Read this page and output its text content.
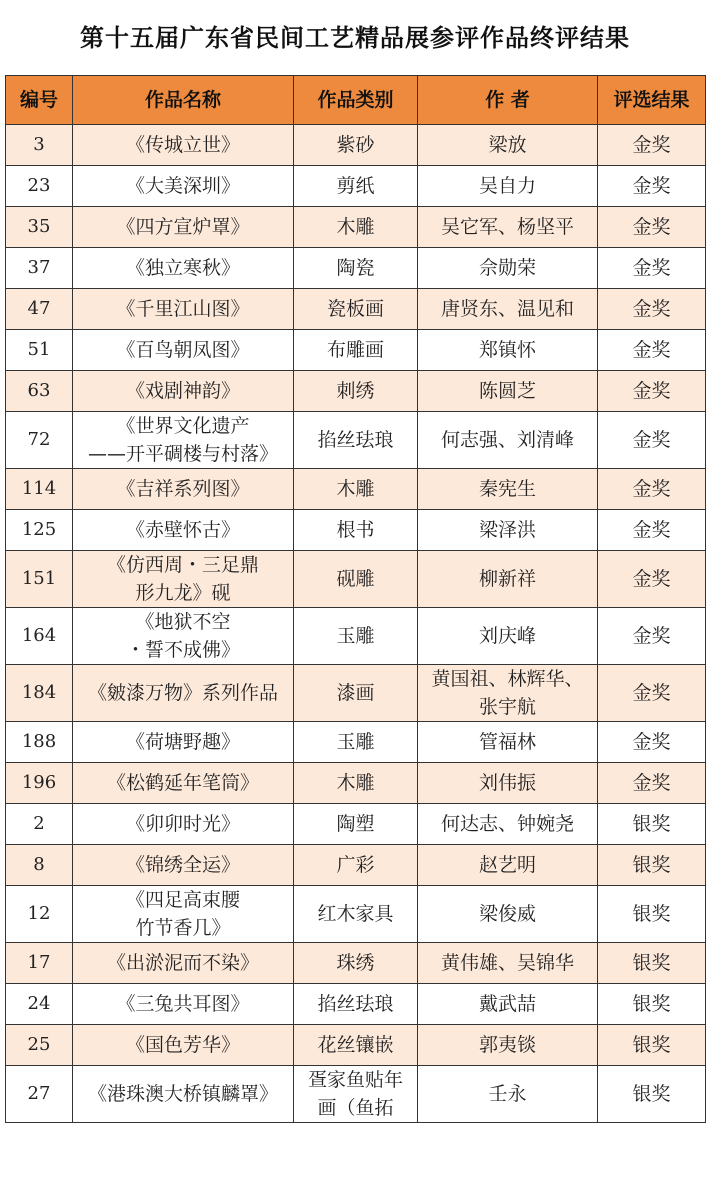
第十五届广东省民间工艺精品展参评作品终评结果
编号	作品名称	作品类别	作 者	评选结果
3	《传城立世》	紫砂	梁放	金奖
23	《大美深圳》	剪纸	吴自力	金奖
35	《四方宣炉罩》	木雕	吴它军、杨坚平	金奖
37	《独立寒秋》	陶瓷	佘勋荣	金奖
47	《千里江山图》	瓷板画	唐贤东、温见和	金奖
51	《百鸟朝凤图》	布雕画	郑镇怀	金奖
63	《戏剧神韵》	刺绣	陈圆芝	金奖
72	《世界文化遗产
——开平碉楼与村落》	掐丝珐琅	何志强、刘清峰	金奖
114	《吉祥系列图》	木雕	秦宪生	金奖
125	《赤壁怀古》	根书	梁泽洪	金奖
151	《仿西周・三足鼎
形九龙》砚	砚雕	柳新祥	金奖
164	《地狱不空
・誓不成佛》	玉雕	刘庆峰	金奖
184	《皴漆万物》系列作品	漆画	黄国祖、林辉华、
张宇航	金奖
188	《荷塘野趣》	玉雕	管福林	金奖
196	《松鹤延年笔筒》	木雕	刘伟振	金奖
2	《卯卯时光》	陶塑	何达志、钟婉尧	银奖
8	《锦绣全运》	广彩	赵艺明	银奖
12	《四足高束腰
竹节香几》	红木家具	梁俊威	银奖
17	《出淤泥而不染》	珠绣	黄伟雄、吴锦华	银奖
24	《三兔共耳图》	掐丝珐琅	戴武喆	银奖
25	《国色芳华》	花丝镶嵌	郭夷锬	银奖
27	《港珠澳大桥镇麟罩》	疍家鱼贴年
画（鱼拓	壬永	银奖
